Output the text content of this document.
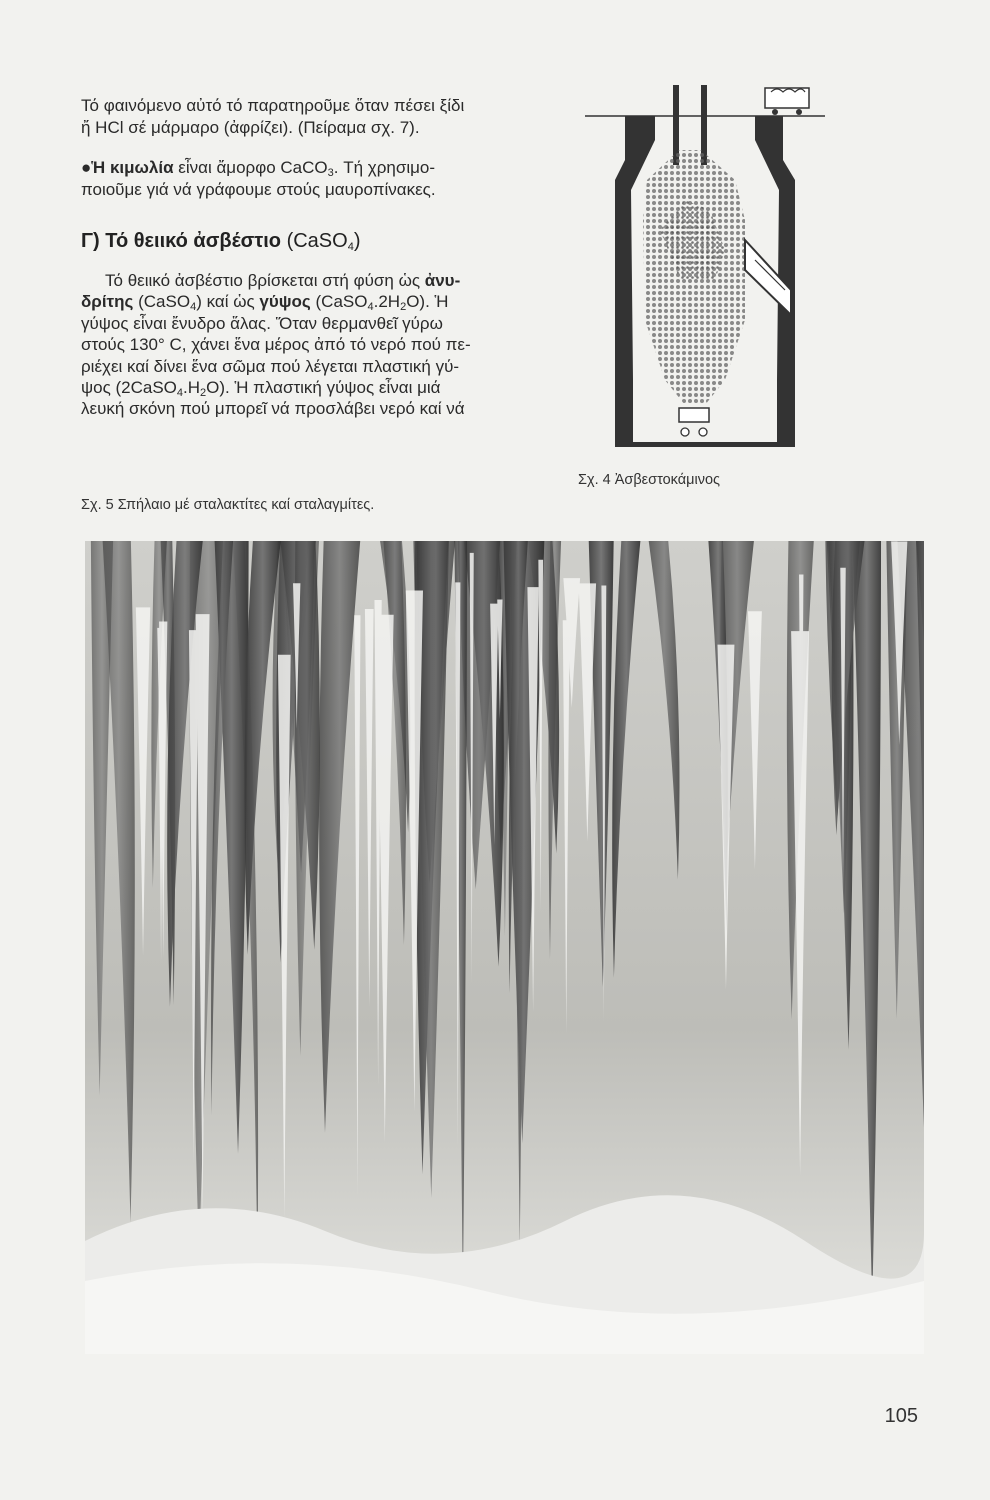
Τό φαινόμενο αὐτό τό παρατηροῦμε ὅταν πέσει ξίδι
ἤ HCl σέ μάρμαρο (ἀφρίζει). (Πείραμα σχ. 7).

●Ἡ κιμωλία εἶναι ἄμορφο CaCO$_3$. Τή χρησιμο-
ποιοῦμε γιά νά γράφουμε στούς μαυροπίνακες.

Γ) Τό θειικό ἀσβέστιο (CaSO$_4$)

Τό θειικό ἀσβέστιο βρίσκεται στή φύση ὡς ἀνυ-
δρίτης (CaSO$_4$) καί ὡς γύψος $(CaSO_4.2H_2O)$. Ἡ
γύψος εἶναι ἔνυδρο ἅλας. Ὅταν θερμανθεῖ γύρω
στούς 130° C, χάνει ἕνα μέρος ἀπό τό νερό πού πε-
ριέχει καί δίνει ἕνα σῶμα πού λέγεται πλαστική γύ-
ψος $(2CaSO_4.H_2O)$. Ἡ πλαστική γύψος εἶναι μιά
λευκή σκόνη πού μπορεῖ νά προσλάβει νερό καί νά

Σχ. 4 Ἀσβεστοκάμινος

Σχ. 5 Σπήλαιο μέ σταλακτίτες καί σταλαγμίτες.

105
